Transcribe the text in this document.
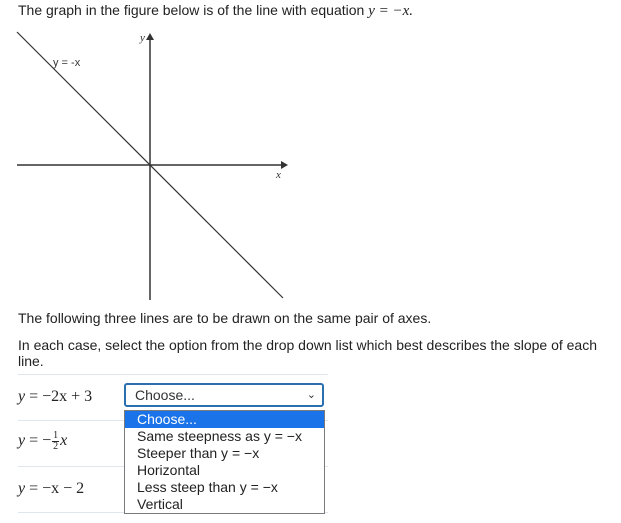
The graph in the figure below is of the line with equation y = −x.
y = -x
x
y
The following three lines are to be drawn on the same pair of axes.
In each case, select the option from the drop down list which best describes the slope of each line.
y = −2x + 3
y = − $\frac{1}{2}$ x
y = −x − 2
Choose...	⌄
Choose...
Same steepness as y = −x
Steeper than y = −x
Horizontal
Less steep than y = −x
Vertical
